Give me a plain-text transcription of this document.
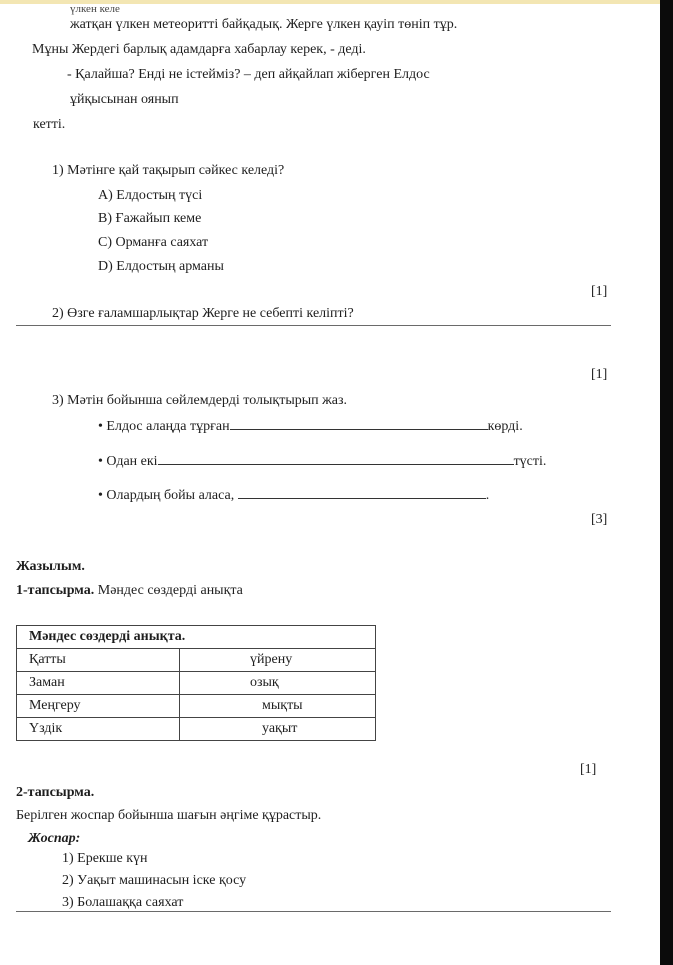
үлкен келе
жатқан үлкен метеоритті байқадық. Жерге үлкен қауіп төніп тұр.
Мұны Жердегі барлық адамдарға хабарлау керек, - деді.
- Қалайша? Енді не істейміз? – деп айқайлап жіберген Елдос
ұйқысынан оянып
кетті.
1) Мәтінге қай тақырып сәйкес келеді?
A) Елдостың түсі
B) Ғажайып кеме
C) Орманға саяхат
D) Елдостың арманы
[1]
2) Өзге ғаламшарлықтар Жерге не себепті келіпті?
[1]
3) Мәтін бойынша сөйлемдерді толықтырып жаз.
• Елдос алаңда тұрған	көрді.
• Одан екі	түсті.
• Олардың бойы аласа,	.
[3]
Жазылым.
1-тапсырма. Мәндес сөздерді анықта
Мәндес сөздерді анықта.	
Қатты	үйрену
Заман	озық
Меңгеру	мықты
Үздік	уақыт
[1]
2-тапсырма.
Берілген жоспар бойынша шағын әңгіме құрастыр.
Жоспар:
1) Ерекше күн
2) Уақыт машинасын іске қосу
3) Болашаққа саяхат
